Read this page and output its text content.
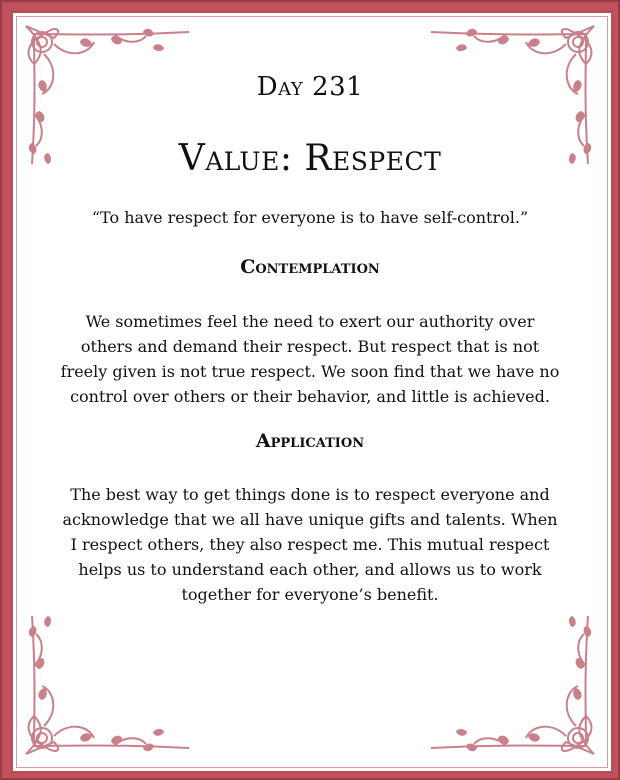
Day 231
Value: Respect
“To have respect for everyone is to have self-control.”
Contemplation
We sometimes feel the need to exert our authority over others and demand their respect. But respect that is not freely given is not true respect. We soon find that we have no control over others or their behavior, and little is achieved.
Application
The best way to get things done is to respect everyone and acknowledge that we all have unique gifts and talents. When I respect others, they also respect me. This mutual respect helps us to understand each other, and allows us to work together for everyone’s benefit.
